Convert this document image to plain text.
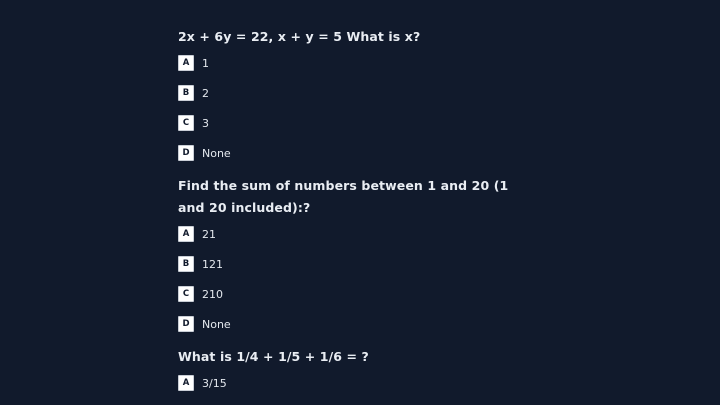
2x + 6y = 22, x + y = 5 What is x?
A	1
B	2
C	3
D	None
Find the sum of numbers between 1 and 20 (1 and 20 included):?
A	21
B	121
C	210
D	None
What is 1/4 + 1/5 + 1/6 = ?
A	3/15
